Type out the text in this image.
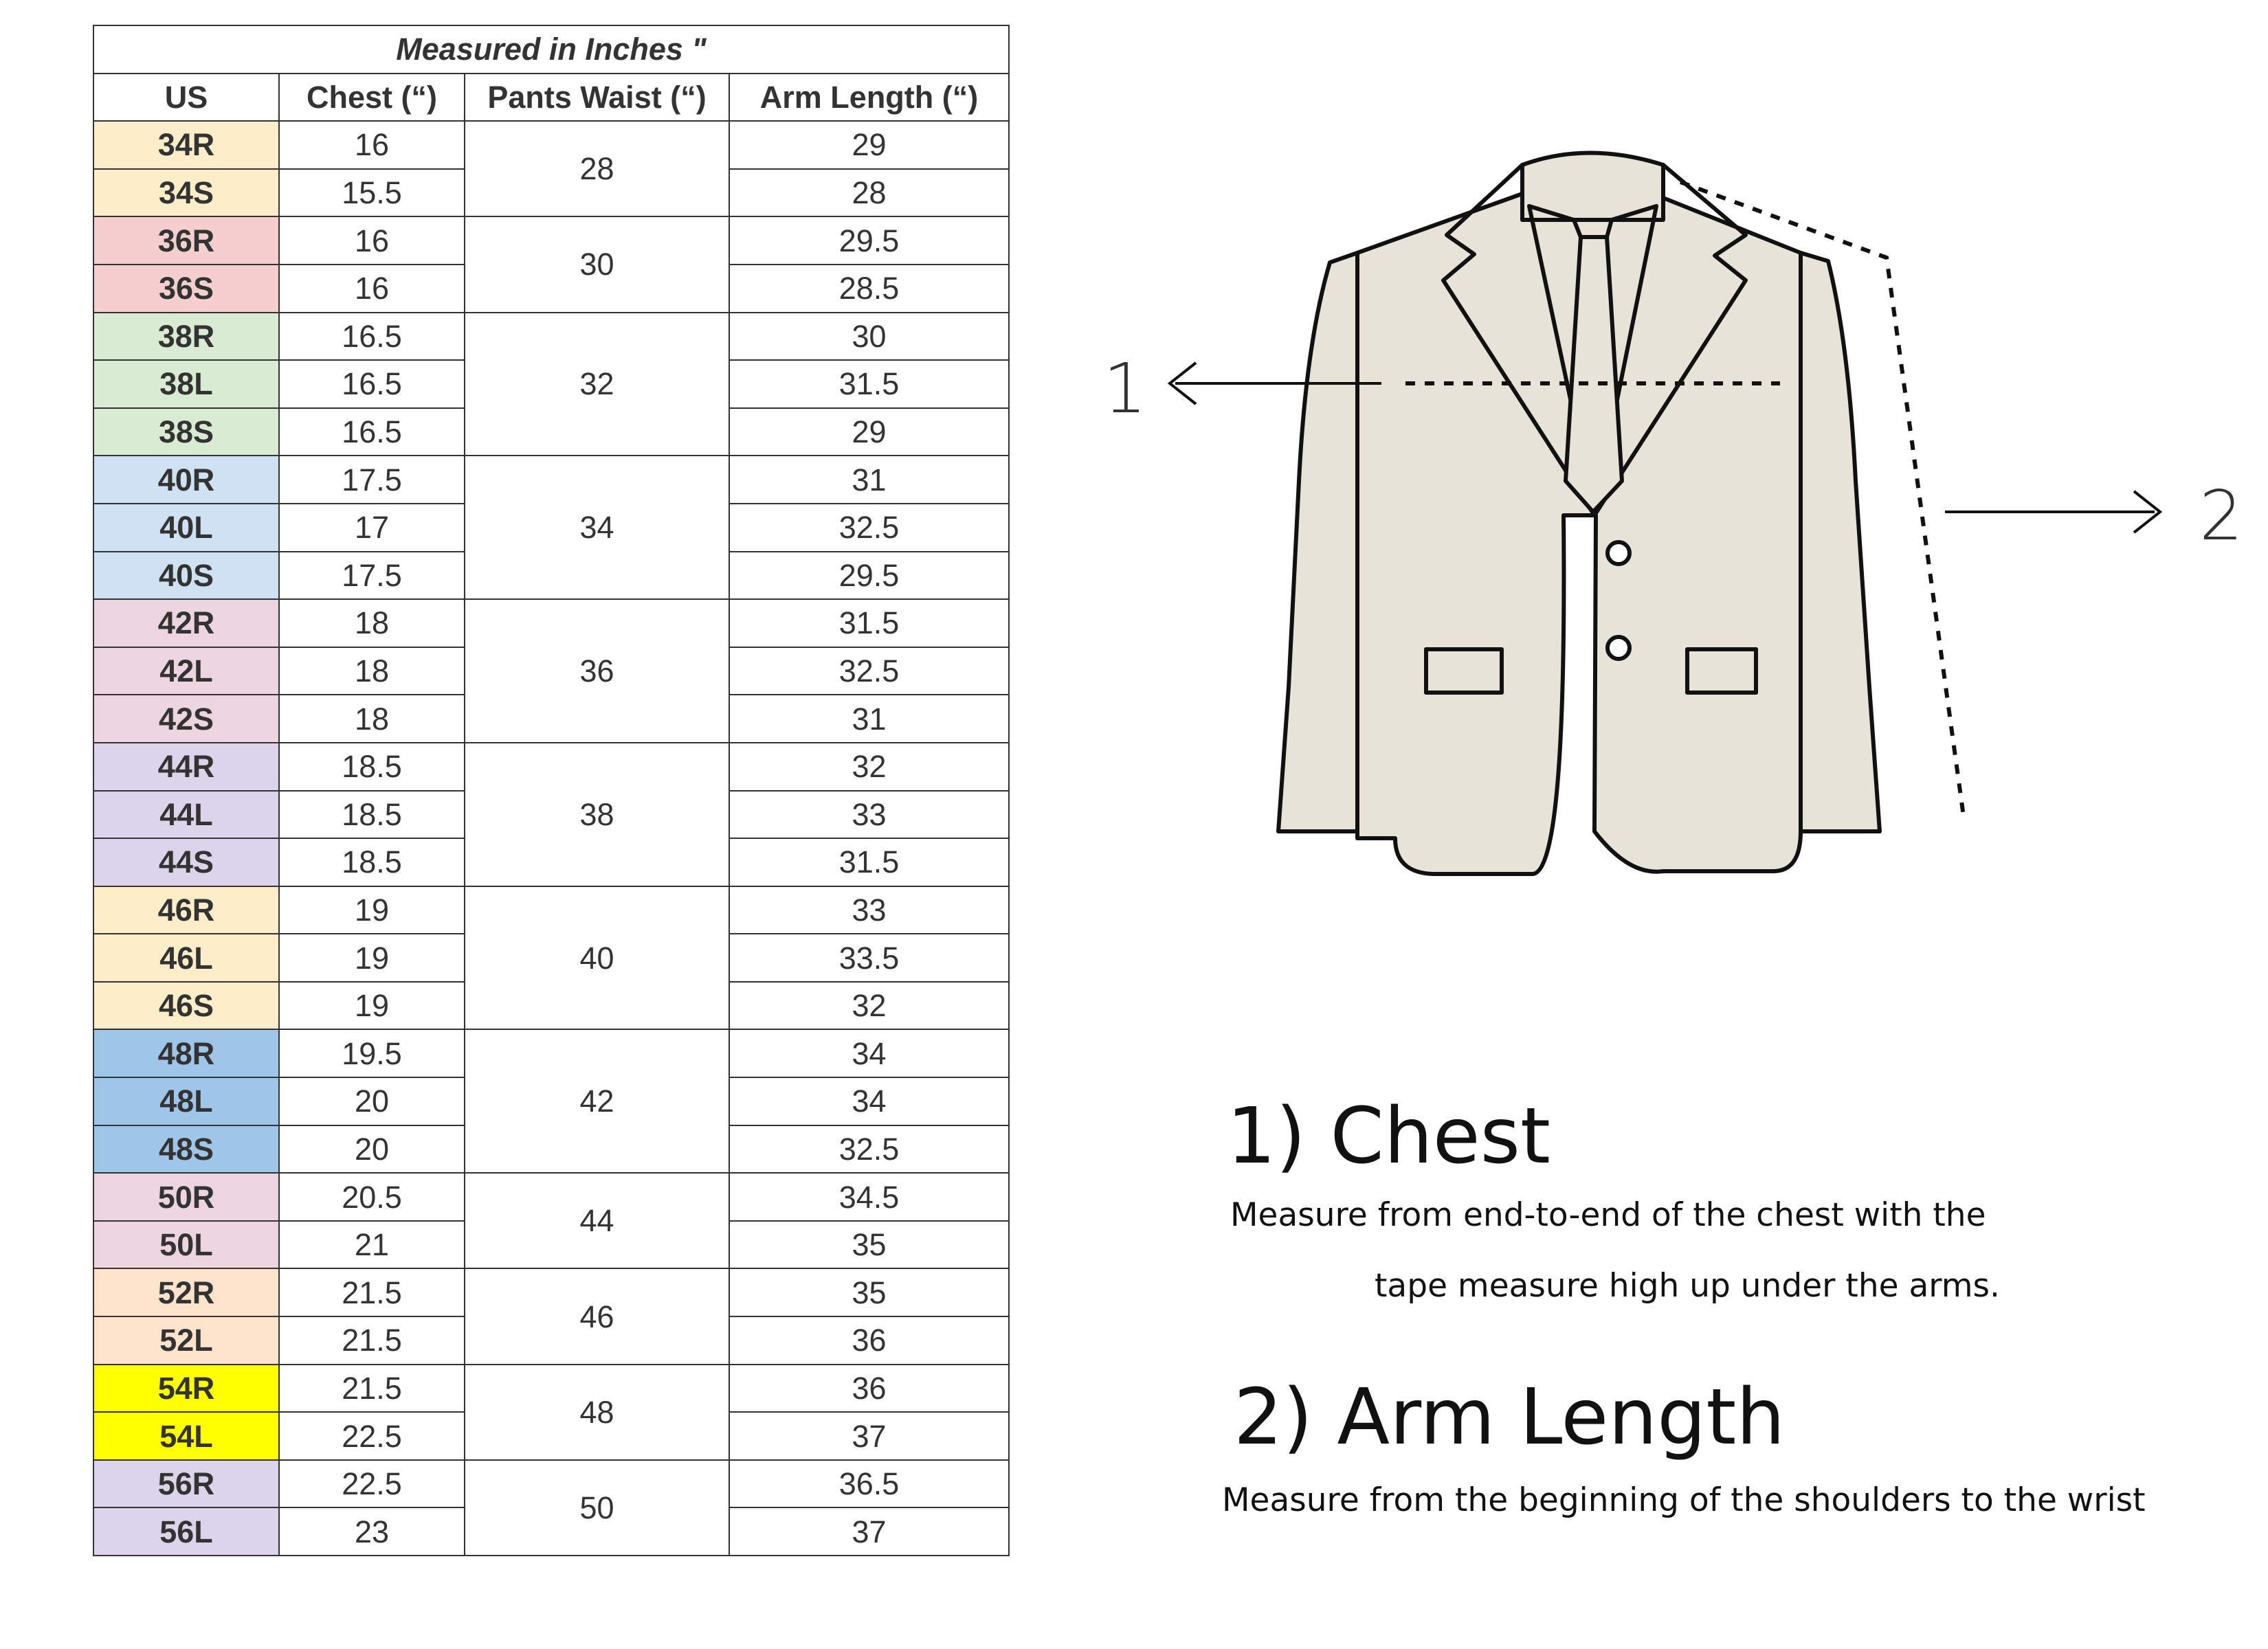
Measured in Inches "			
US	Chest (“)	Pants Waist (“)	Arm Length (“)
34R	16	28	29
34S	15.5		28
36R	16	30	29.5
36S	16		28.5
38R	16.5	32	30
38L	16.5		31.5
38S	16.5		29
40R	17.5	34	31
40L	17		32.5
40S	17.5		29.5
42R	18	36	31.5
42L	18		32.5
42S	18		31
44R	18.5	38	32
44L	18.5		33
44S	18.5		31.5
46R	19	40	33
46L	19		33.5
46S	19		32
48R	19.5	42	34
48L	20		34
48S	20		32.5
50R	20.5	44	34.5
50L	21		35
52R	21.5	46	35
52L	21.5		36
54R	21.5	48	36
54L	22.5		37
56R	22.5	50	36.5
56L	23		37
1
2
1) Chest
Measure from end-to-end of the chest with the
tape measure high up under the arms.
2) Arm Length
Measure from the beginning of the shoulders to the wrist
